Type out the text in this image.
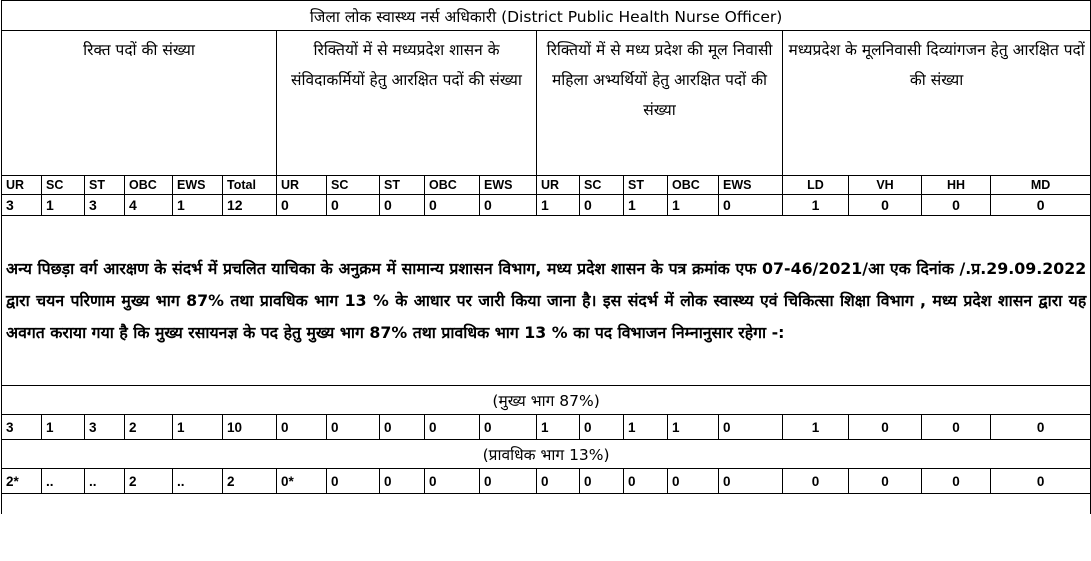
जिला लोक स्वास्थ्य नर्स अधिकारी (District Public Health Nurse Officer)																			
रिक्त पदों की संख्या						रिक्तियों में से मध्यप्रदेश शासन के संविदाकर्मियों हेतु आरक्षित पदों की संख्या					रिक्तियों में से मध्य प्रदेश की मूल निवासी महिला अभ्यर्थियों हेतु आरक्षित पदों की संख्या					मध्यप्रदेश के मूलनिवासी दिव्यांगजन हेतु आरक्षित पदों की संख्या			
UR	SC	ST	OBC	EWS	Total	UR	SC	ST	OBC	EWS	UR	SC	ST	OBC	EWS	LD	VH	HH	MD
3	1	3	4	1	12	0	0	0	0	0	1	0	1	1	0	1	0	0	0
अन्य पिछड़ा वर्ग आरक्षण के संदर्भ में प्रचलित याचिका के अनुक्रम में सामान्य प्रशासन विभाग, मध्य प्रदेश शासन के पत्र क्रमांक एफ 07-46/2021/आ एक दिनांक /.प्र.29.09.2022 द्वारा चयन परिणाम मुख्य भाग 87% तथा प्रावधिक भाग 13 % के आधार पर जारी किया जाना है। इस संदर्भ में लोक स्वास्थ्य एवं चिकित्सा शिक्षा विभाग , मध्य प्रदेश शासन द्वारा यह अवगत कराया गया है कि मुख्य रसायनज्ञ के पद हेतु मुख्य भाग 87% तथा प्रावधिक भाग 13 % का पद विभाजन निम्नानुसार रहेगा -:																			
(मुख्य भाग 87%)																			
3	1	3	2	1	10	0	0	0	0	0	1	0	1	1	0	1	0	0	0
(प्रावधिक भाग 13%)																			
2*	..	..	2	..	2	0*	0	0	0	0	0	0	0	0	0	0	0	0	0
